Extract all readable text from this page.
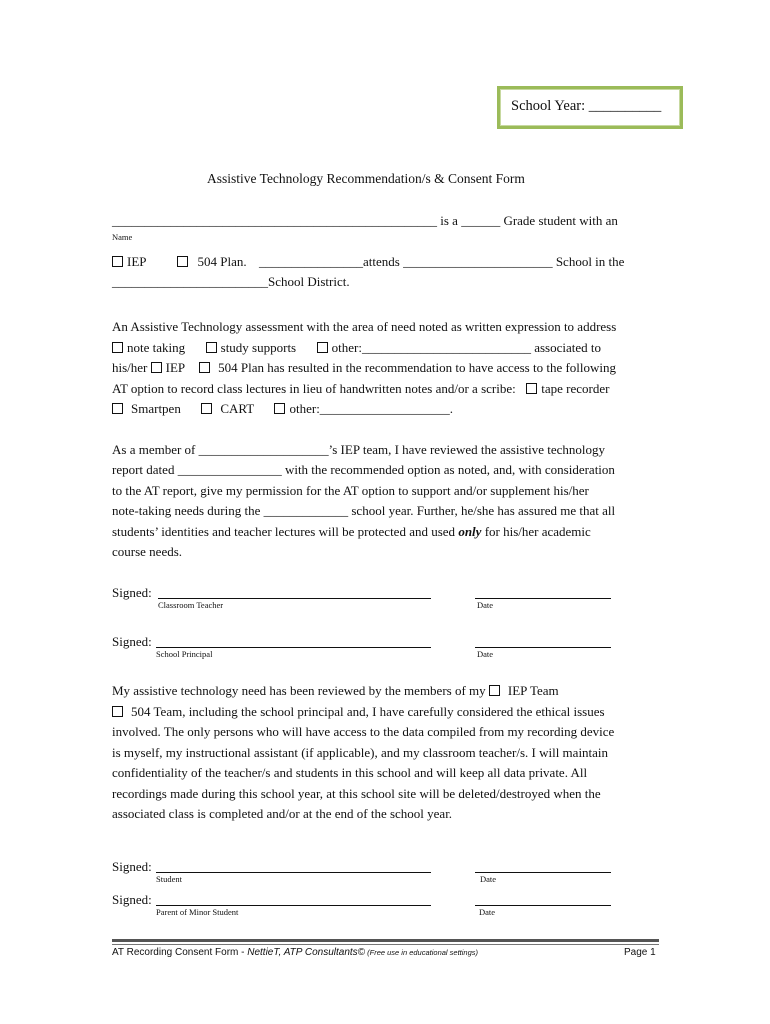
School Year: __________
Assistive Technology Recommendation/s & Consent Form
__________________________________________________ is a ______ Grade student with an
Name
IEP	504 Plan. ________________attends _______________________ School in the
________________________School District.
An Assistive Technology assessment with the area of need noted as written expression to address
note taking	study supports	other:__________________________ associated to
his/her IEP	504 Plan has resulted in the recommendation to have access to the following
AT option to record class lectures in lieu of handwritten notes and/or a scribe: tape recorder
Smartpen	CART	other:____________________.
As a member of ____________________’s IEP team, I have reviewed the assistive technology
report dated ________________ with the recommended option as noted, and, with consideration
to the AT report, give my permission for the AT option to support and/or supplement his/her
note-taking needs during the _____________ school year. Further, he/she has assured me that all
students’ identities and teacher lectures will be protected and used only for his/her academic
course needs.
Signed:
Classroom Teacher	Date
Signed:
School Principal	Date
My assistive technology need has been reviewed by the members of my IEP Team
504 Team, including the school principal and, I have carefully considered the ethical issues
involved. The only persons who will have access to the data compiled from my recording device
is myself, my instructional assistant (if applicable), and my classroom teacher/s. I will maintain
confidentiality of the teacher/s and students in this school and will keep all data private. All
recordings made during this school year, at this school site will be deleted/destroyed when the
associated class is completed and/or at the end of the school year.
Signed:
Student	Date
Signed:
Parent of Minor Student	Date
AT Recording Consent Form - NettieT, ATP Consultants© (Free use in educational settings)	Page 1
